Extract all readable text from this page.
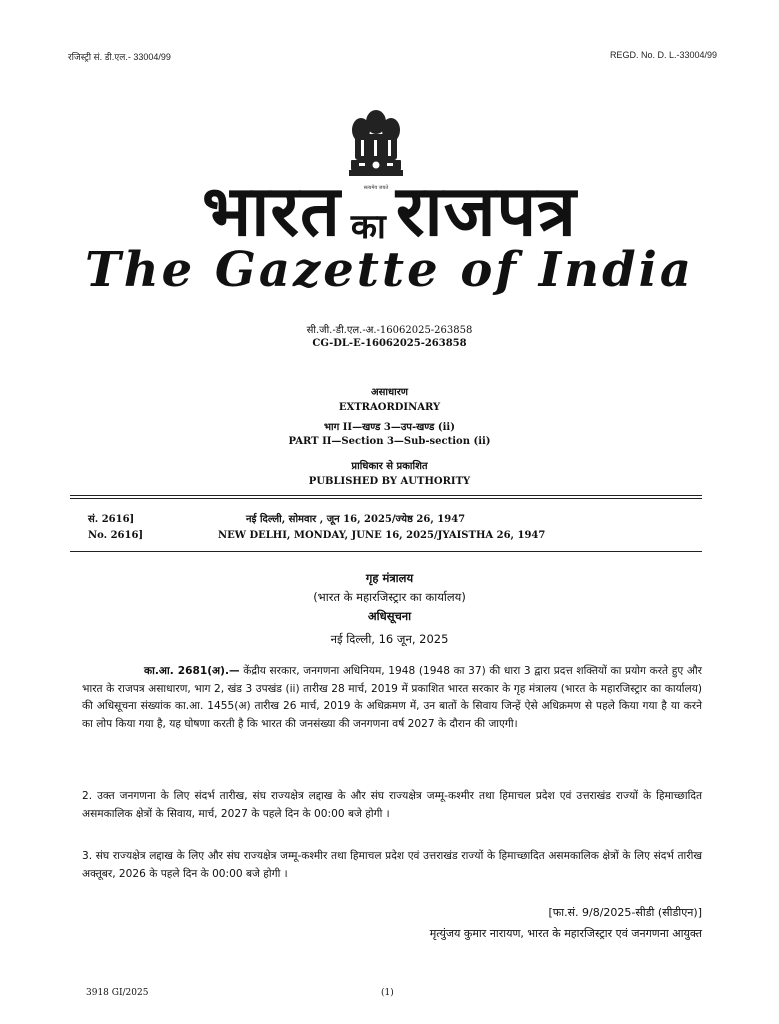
रजिस्ट्री सं. डी.एल.- 33004/99	REGD. No. D. L.-33004/99
सत्यमेव जयते
भारत का राजपत्र
The Gazette of India
सी.जी.-डी.एल.-अ.-16062025-263858
CG-DL-E-16062025-263858
असाधारण
EXTRAORDINARY
भाग II—खण्ड 3—उप-खण्ड (ii)
PART II—Section 3—Sub-section (ii)
प्राधिकार से प्रकाशित
PUBLISHED BY AUTHORITY
सं. 2616]	नई दिल्ली, सोमवार , जून 16, 2025/ज्येष्ठ 26, 1947
No. 2616]	NEW DELHI, MONDAY, JUNE 16, 2025/JYAISTHA 26, 1947
गृह मंत्रालय
(भारत के महारजिस्ट्रार का कार्यालय)
अधिसूचना
नई दिल्ली, 16 जून, 2025
का.आ. 2681(अ).— केंद्रीय सरकार, जनगणना अधिनियम, 1948 (1948 का 37) की धारा 3 द्वारा प्रदत्त शक्तियों का प्रयोग करते हुए और भारत के राजपत्र असाधारण, भाग 2, खंड 3 उपखंड (ii) तारीख 28 मार्च, 2019 में प्रकाशित भारत सरकार के गृह मंत्रालय (भारत के महारजिस्ट्रार का कार्यालय) की अधिसूचना संख्यांक का.आ. 1455(अ) तारीख 26 मार्च, 2019 के अधिक्रमण में, उन बातों के सिवाय जिन्हें ऐसे अधिक्रमण से पहले किया गया है या करने का लोप किया गया है, यह घोषणा करती है कि भारत की जनसंख्या की जनगणना वर्ष 2027 के दौरान की जाएगी।
2. उक्त जनगणना के लिए संदर्भ तारीख, संघ राज्यक्षेत्र लद्दाख के और संघ राज्यक्षेत्र जम्मू-कश्मीर तथा हिमाचल प्रदेश एवं उत्तराखंड राज्यों के हिमाच्छादित असमकालिक क्षेत्रों के सिवाय, मार्च, 2027 के पहले दिन के 00:00 बजे होगी ।
3. संघ राज्यक्षेत्र लद्दाख के लिए और संघ राज्यक्षेत्र जम्मू-कश्मीर तथा हिमाचल प्रदेश एवं उत्तराखंड राज्यों के हिमाच्छादित असमकालिक क्षेत्रों के लिए संदर्भ तारीख अक्तूबर, 2026 के पहले दिन के 00:00 बजे होगी ।
[फा.सं. 9/8/2025-सीडी (सीडीएन)]
मृत्युंजय कुमार नारायण, भारत के महारजिस्ट्रार एवं जनगणना आयुक्त
3918 GI/2025	(1)
